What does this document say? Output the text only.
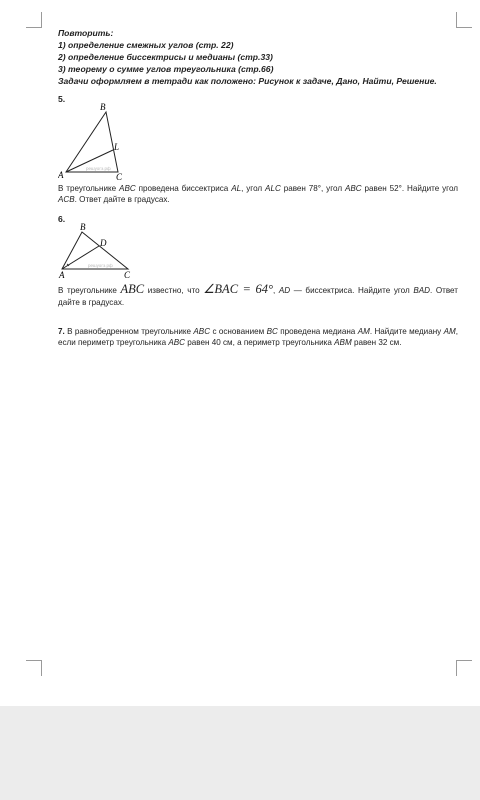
Повторить:
1) определение смежных углов (стр. 22)
2) определение биссектрисы и медианы (стр.33)
3) теорему о сумме углов треугольника (стр.66)
Задачи оформляем в тетради как положено: Рисунок к задаче, Дано, Найти, Решение.
5.
A
B
L
C
решуогэ.рф
В треугольнике ABC проведена биссектриса AL, угол ALC равен 78°, угол ABC равен 52°. Найдите угол ACB. Ответ дайте в градусах.
6.
B
D
A	C
решуогэ.рф
В треугольнике ABC известно, что ∠BAC = 64°, AD — биссектриса. Найдите угол BAD. Ответ дайте в градусах.
7. В равнобедренном треугольнике ABC с основанием BC проведена медиана AM. Найдите медиану AM, если периметр треугольника ABC равен 40 см, а периметр треугольника ABM равен 32 см.
